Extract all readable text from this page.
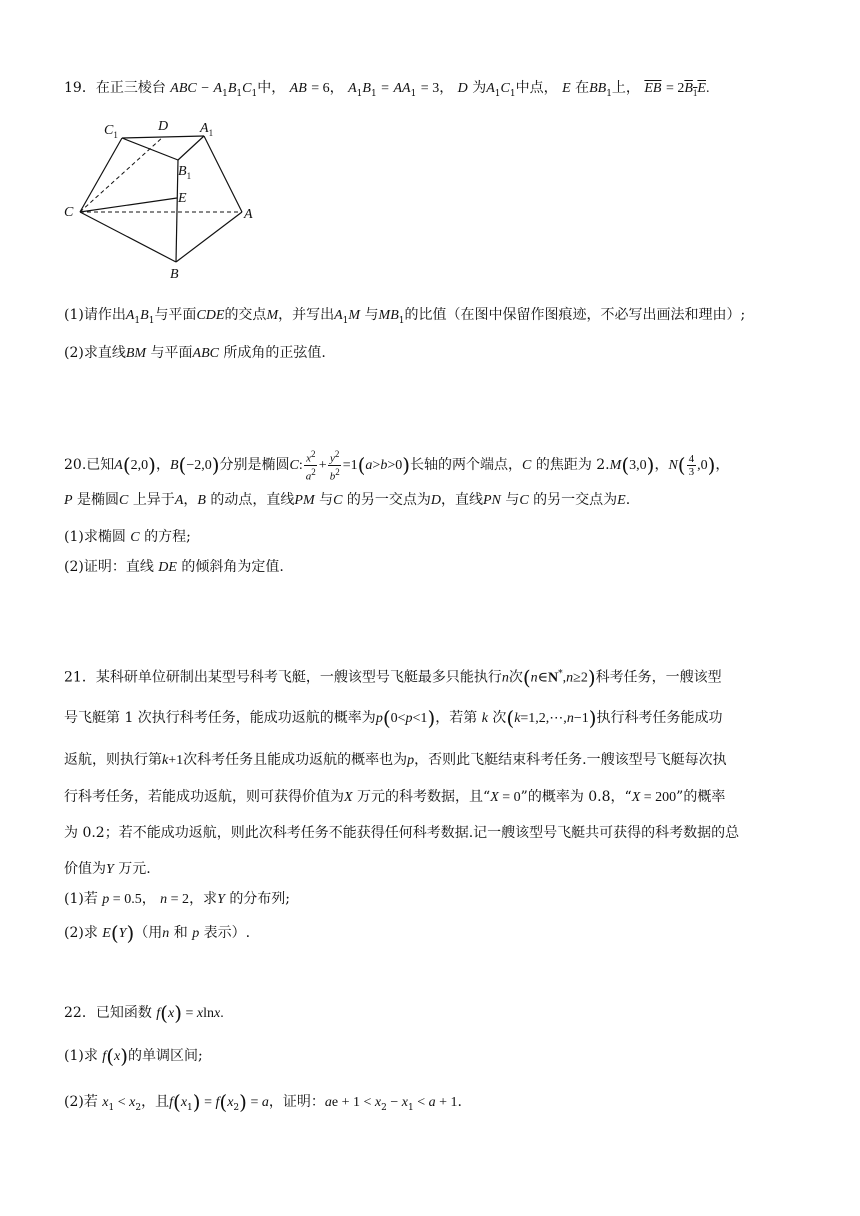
19．在正三棱台 ABC − $A_1B_1C_1$中， AB = 6， $A_1B_1 = AA_1 = 3$， D 为$A_1C_1$中点， E 在$BB_1$上， $\overline{EB} = 2B_1E$.
$C_1$
D $A_1$
$B_1$
E
C	A
B
(1)请作出$A_1B_1$与平面CDE的交点M，并写出$A_1M$ 与$MB_1$的比值（在图中保留作图痕迹，不必写出画法和理由）;
(2)求直线BM 与平面ABC 所成角的正弦值.
20.已知A(2,0)，B(−2,0)分别是椭圆C: $\frac{x^2}{a^2} + \frac{y^2}{b^2} =1(a>b>0)$长轴的两个端点，C 的焦距为 2.M(3,0)，$N( \frac{4}{3} ,0)$，
P 是椭圆C 上异于A，B 的动点，直线PM 与C 的另一交点为D，直线PN 与C 的另一交点为E.
(1)求椭圆 C 的方程;
(2)证明：直线 DE 的倾斜角为定值.
21．某科研单位研制出某型号科考飞艇，一艘该型号飞艇最多只能执行n次(n∈N*,n≥2)科考任务，一艘该型
号飞艇第 1 次执行科考任务，能成功返航的概率为p(0<p<1)，若第 k 次(k=1,2,⋯,n−1)执行科考任务能成功
返航，则执行第k+1次科考任务且能成功返航的概率也为p，否则此飞艇结束科考任务.一艘该型号飞艇每次执
行科考任务，若能成功返航，则可获得价值为X 万元的科考数据，且“X = 0”的概率为 0.8，“X = 200”的概率
为 0.2；若不能成功返航，则此次科考任务不能获得任何科考数据.记一艘该型号飞艇共可获得的科考数据的总
价值为Y 万元.
(1)若 p = 0.5， n = 2，求Y 的分布列;
(2)求 E(Y)（用n 和 p 表示）.
22．已知函数 f(x) = xlnx.
(1)求 f(x)的单调区间;
(2)若 $x_1 < x_2$，且$f(x_1) = f(x_2) = a$，证明：ae + $1 < x_2 - x_1 < a + 1$.
